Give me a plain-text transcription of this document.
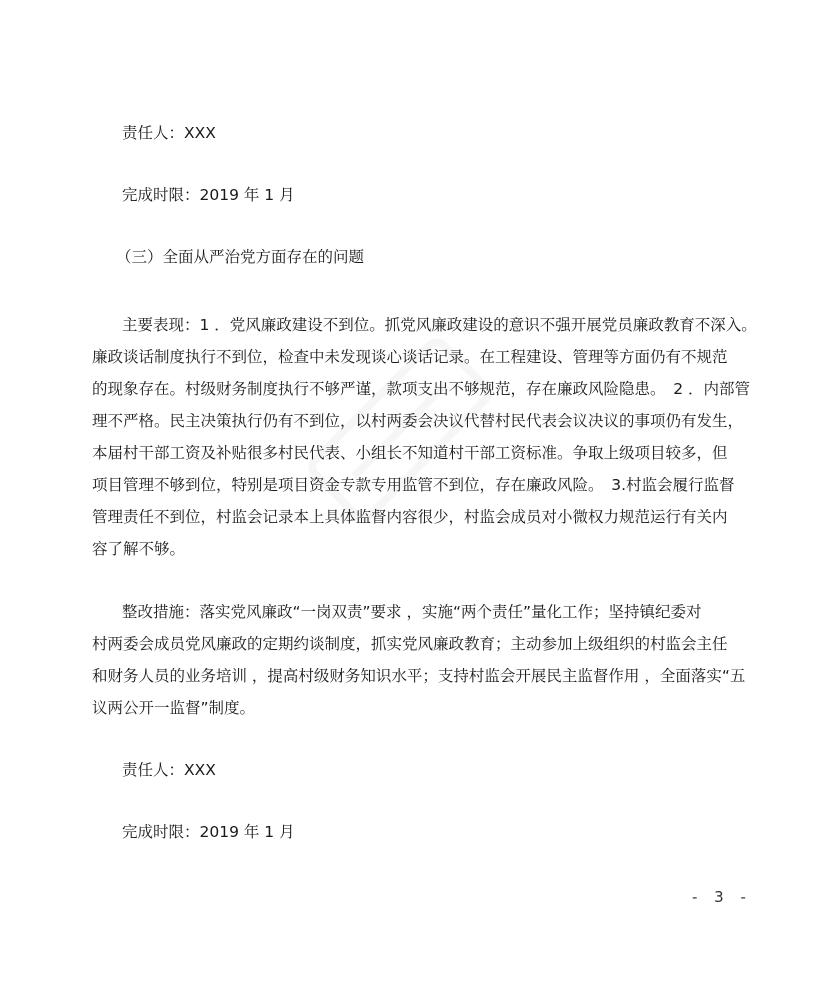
责任人：XXX
完成时限：2019 年 1 月
（三）全面从严治党方面存在的问题
主要表现：1 ．党风廉政建设不到位。抓党风廉政建设的意识不强开展党员廉政教育不深入。
廉政谈话制度执行不到位，检查中未发现谈心谈话记录。在工程建设、管理等方面仍有不规范
的现象存在。村级财务制度执行不够严谨，款项支出不够规范，存在廉政风险隐患。　2 ．内部管
理不严格。民主决策执行仍有不到位，以村两委会决议代替村民代表会议决议的事项仍有发生，
本届村干部工资及补贴很多村民代表、小组长不知道村干部工资标准。争取上级项目较多，但
项目管理不够到位，特别是项目资金专款专用监管不到位，存在廉政风险。　3.村监会履行监督
管理责任不到位，村监会记录本上具体监督内容很少，村监会成员对小微权力规范运行有关内
容了解不够。
整改措施：落实党风廉政“一岗双责”要求 ，实施“两个责任”量化工作；坚持镇纪委对
村两委会成员党风廉政的定期约谈制度，抓实党风廉政教育；主动参加上级组织的村监会主任
和财务人员的业务培训 ，提高村级财务知识水平；支持村监会开展民主监督作用 ，全面落实“五
议两公开一监督”制度。
责任人：XXX
完成时限：2019 年 1 月
- 3 -
